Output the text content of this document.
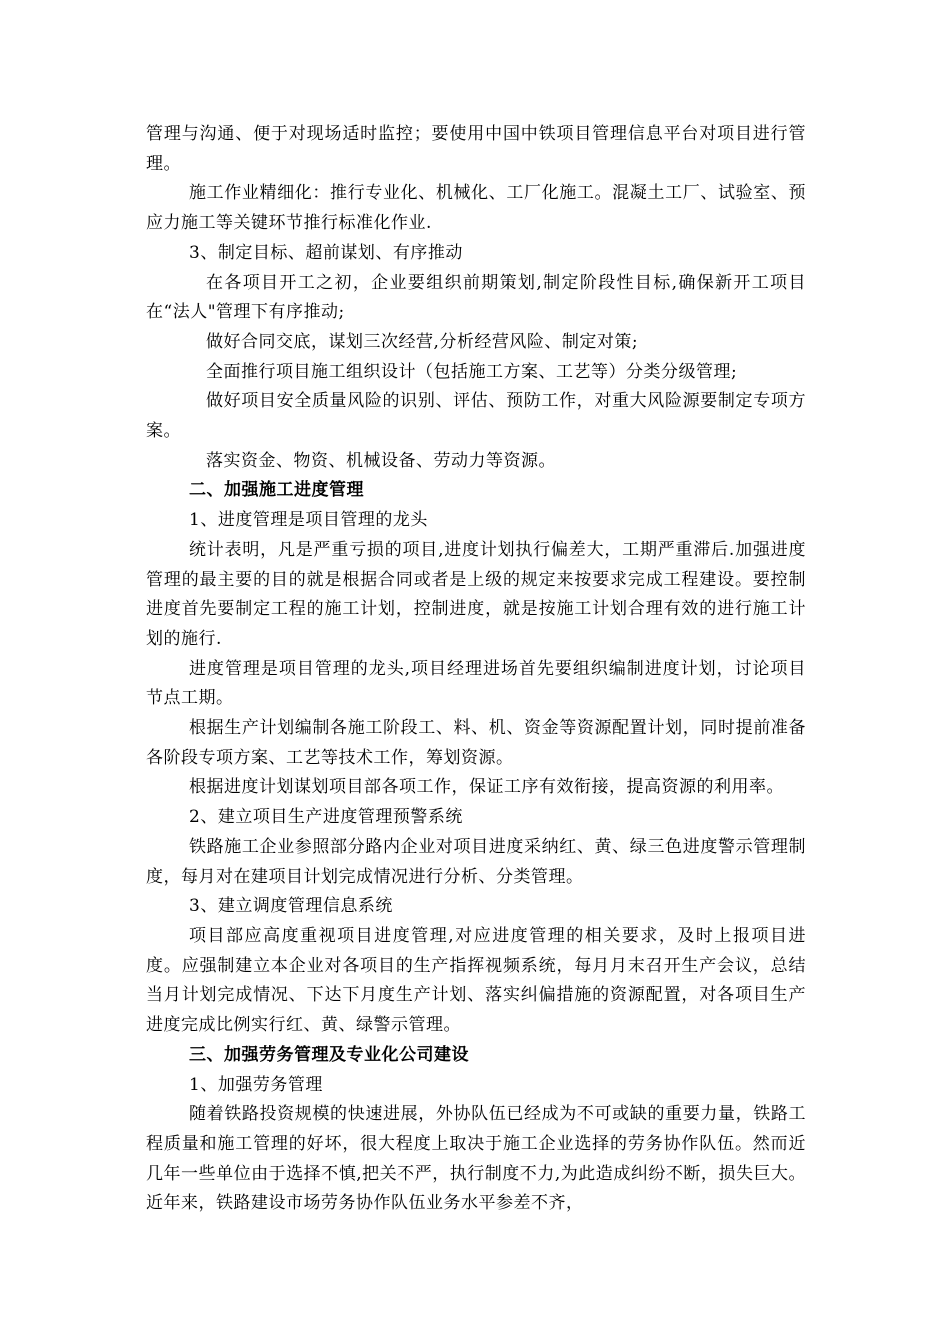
管理与沟通、便于对现场适时监控；要使用中国中铁项目管理信息平台对项目进行管理。

施工作业精细化：推行专业化、机械化、工厂化施工。混凝土工厂、试验室、预应力施工等关键环节推行标准化作业.

3、制定目标、超前谋划、有序推动

在各项目开工之初，企业要组织前期策划,制定阶段性目标,确保新开工项目在“法人"管理下有序推动;

做好合同交底，谋划三次经营,分析经营风险、制定对策;

全面推行项目施工组织设计（包括施工方案、工艺等）分类分级管理;

做好项目安全质量风险的识别、评估、预防工作，对重大风险源要制定专项方案。

落实资金、物资、机械设备、劳动力等资源。

二、加强施工进度管理

1、进度管理是项目管理的龙头

统计表明，凡是严重亏损的项目,进度计划执行偏差大，工期严重滞后.加强进度管理的最主要的目的就是根据合同或者是上级的规定来按要求完成工程建设。要控制进度首先要制定工程的施工计划，控制进度，就是按施工计划合理有效的进行施工计划的施行.

进度管理是项目管理的龙头,项目经理进场首先要组织编制进度计划，讨论项目节点工期。

根据生产计划编制各施工阶段工、料、机、资金等资源配置计划，同时提前准备各阶段专项方案、工艺等技术工作，筹划资源。

根据进度计划谋划项目部各项工作，保证工序有效衔接，提高资源的利用率。

2、建立项目生产进度管理预警系统

铁路施工企业参照部分路内企业对项目进度采纳红、黄、绿三色进度警示管理制度，每月对在建项目计划完成情况进行分析、分类管理。

3、建立调度管理信息系统

项目部应高度重视项目进度管理,对应进度管理的相关要求，及时上报项目进度。应强制建立本企业对各项目的生产指挥视频系统，每月月末召开生产会议，总结当月计划完成情况、下达下月度生产计划、落实纠偏措施的资源配置，对各项目生产进度完成比例实行红、黄、绿警示管理。

三、加强劳务管理及专业化公司建设

1、加强劳务管理

随着铁路投资规模的快速进展，外协队伍已经成为不可或缺的重要力量，铁路工程质量和施工管理的好坏，很大程度上取决于施工企业选择的劳务协作队伍。然而近几年一些单位由于选择不慎,把关不严，执行制度不力,为此造成纠纷不断，损失巨大。近年来，铁路建设市场劳务协作队伍业务水平参差不齐，
